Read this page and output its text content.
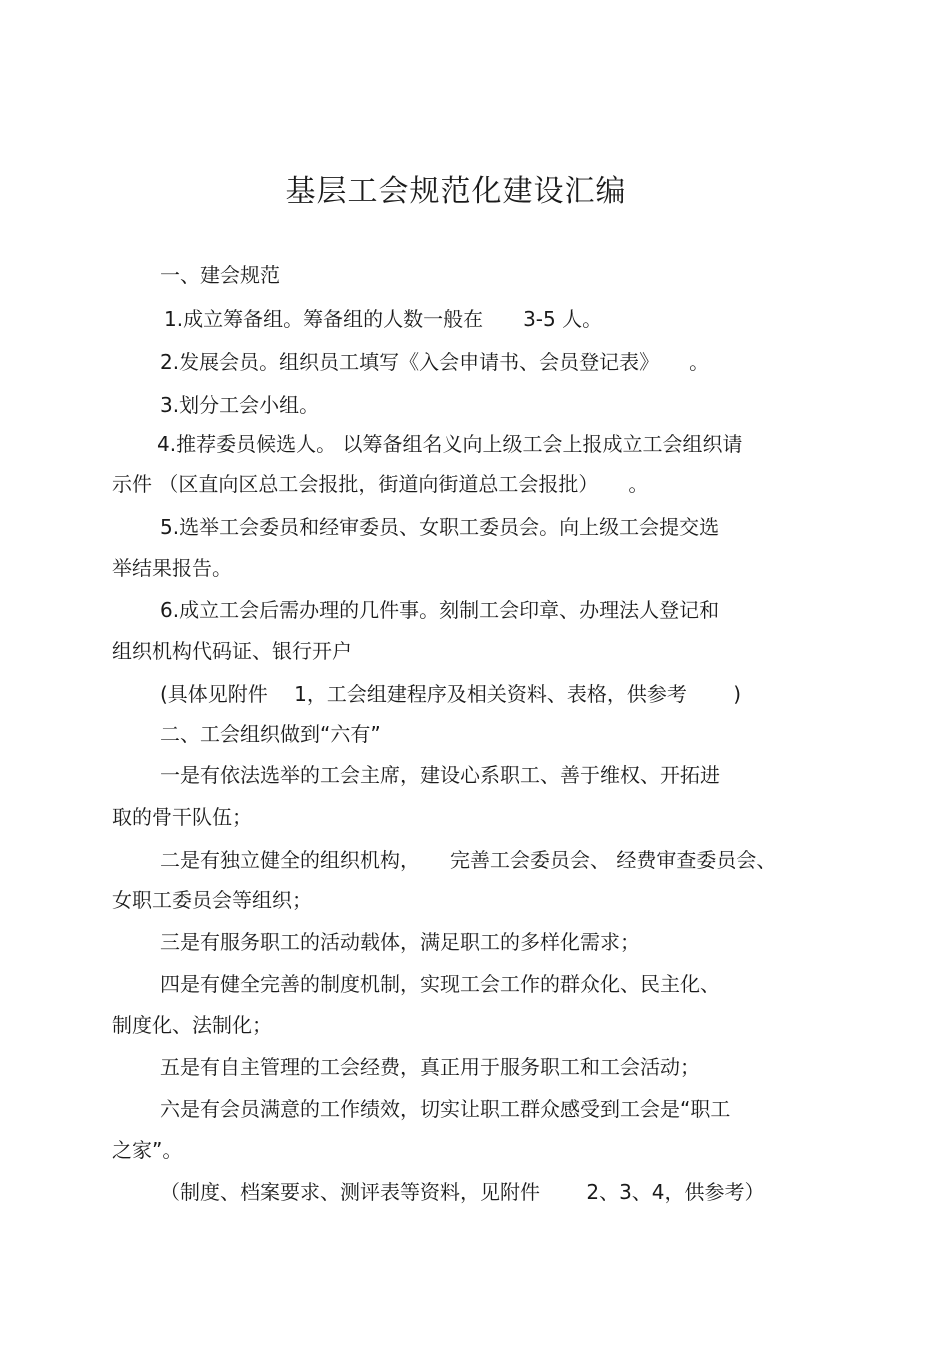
基层工会规范化建设汇编
一、建会规范
1.成立筹备组。筹备组的人数一般在　　3-5 人。
2.发展会员。组织员工填写《入会申请书、会员登记表》　　。
3.划分工会小组。
4.推荐委员候选人。 以筹备组名义向上级工会上报成立工会组织请
示件 （区直向区总工会报批，街道向街道总工会报批）　　。
5.选举工会委员和经审委员、女职工委员会。向上级工会提交选
举结果报告。
6.成立工会后需办理的几件事。刻制工会印章、办理法人登记和
组织机构代码证、银行开户
(具体见附件　 1，工会组建程序及相关资料、表格，供参考　　 )
二、工会组织做到“六有”
一是有依法选举的工会主席，建设心系职工、善于维权、开拓进
取的骨干队伍；
二是有独立健全的组织机构，　　完善工会委员会、 经费审查委员会、
女职工委员会等组织；
三是有服务职工的活动载体，满足职工的多样化需求；
四是有健全完善的制度机制，实现工会工作的群众化、民主化、
制度化、法制化；
五是有自主管理的工会经费，真正用于服务职工和工会活动；
六是有会员满意的工作绩效，切实让职工群众感受到工会是“职工
之家”。
（制度、档案要求、测评表等资料，见附件　　 2、3、4，供参考）
